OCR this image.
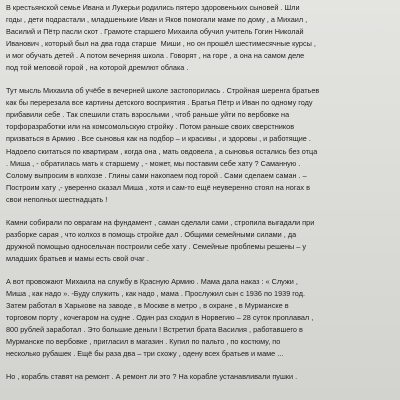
В крестьянской семье Ивана и Лукерьи родились пятеро здоровеньких сыновей . Шли
годы , дети подрастали , младшенькие Иван и Яков помогали маме по дому , а Михаил ,
Василий и Пётр пасли скот . Грамоте старшего Михаила обучил учитель Гогин Николай
Иванович , который был на два года старше  Миши , но он прошёл шестимесячные курсы ,
и мог обучать детей . А потом вечерняя школа . Говорят , на горе , а она на самом деле
под той меловой горой , на которой дремлют облака .
Тут мысль Михаила об учёбе в вечерней школе застопорилась . Стройная шеренга братьев
как бы перерезала все картины детского восприятия . Братья Пётр и Иван по одному году
прибавили себе . Так спешили стать взрослыми , чтоб раньше уйти по вербовке на
торфоразработки или на комсомольскую стройку . Потом раньше своих сверстников
призваться в Армию . Все сыновья как на подбор – и красивы , и здоровы , и работящие .
Надоело скитаться по квартирам , когда она , мать овдовела , а сыновья остались без отца
. Миша , - обратилась мать к старшему , - может, мы поставим себе хату ? Саманную .
Солому выпросим в колхозе . Глины сами накопаем под горой . Сами сделаем саман . –
Построим хату ,- уверенно сказал Миша , хотя и сам-то ещё неуверенно стоял на ногах в
свои неполных шестнадцать !
Камни собирали по оврагам на фундамент , саман сделали сами , стропила выгадали при
разборке сарая , что колхоз в помощь стройке дал . Общими семейными силами , да
дружной помощью односельчан построили себе хату . Семейные проблемы решены – у
младших братьев и мамы есть свой очаг .
А вот провожают Михаила на службу в Красную Армию . Мама дала наказ : « Служи ,
Миша , как надо ». -Буду служить , как надо , мама . Прослужил сын с 1936 по 1939 год.
Затем работал в Харькове на заводе , в Москве в метро , в охране , в Мурманске в
торговом порту , кочегаром на судне . Один раз сходил в Норвегию – 28 суток проплавал ,
800 рублей заработал . Это большие деньги ! Встретил брата Василия , работавшего в
Мурманске по вербовке , пригласил в магазин . Купил по пальто , по костюму, по
несколько рубашек . Ещё бы раза два – три схожу , одену всех братьев и маме ...
Но , корабль ставят на ремонт . А ремонт ли это ? На корабле устанавливали пушки .
